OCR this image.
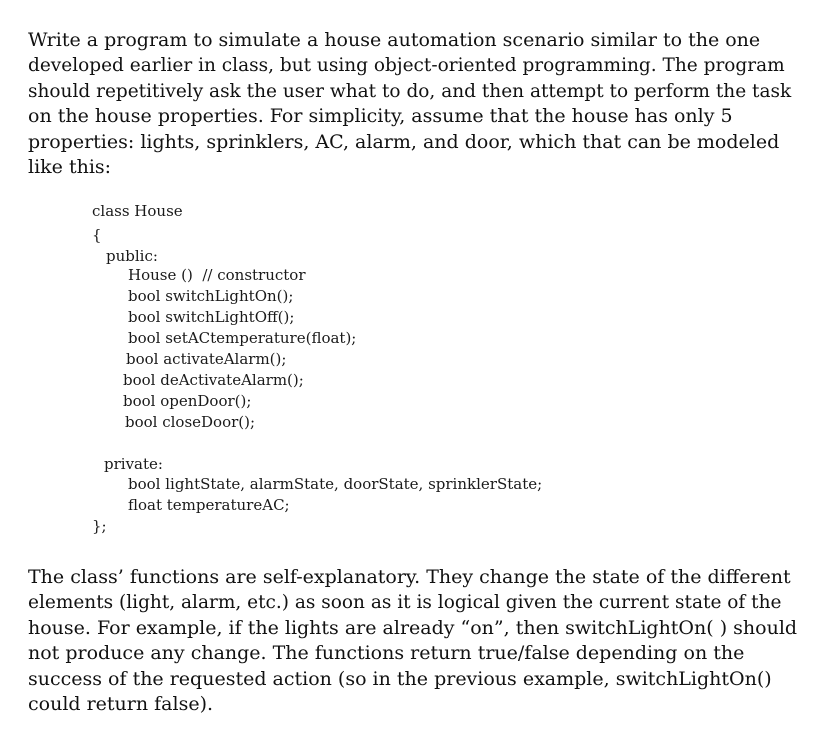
Write a program to simulate a house automation scenario similar to the one
developed earlier in class, but using object-oriented programming. The program
should repetitively ask the user what to do, and then attempt to perform the task
on the house properties. For simplicity, assume that the house has only 5
properties: lights, sprinklers, AC, alarm, and door, which that can be modeled
like this:
class House
{
public:
House ()  // constructor
bool switchLightOn();
bool switchLightOff();
bool setACtemperature(float);
bool activateAlarm();
bool deActivateAlarm();
bool openDoor();
bool closeDoor();
private:
bool lightState, alarmState, doorState, sprinklerState;
float temperatureAC;
};
The class’ functions are self-explanatory. They change the state of the different
elements (light, alarm, etc.) as soon as it is logical given the current state of the
house. For example, if the lights are already “on”, then switchLightOn( ) should
not produce any change. The functions return true/false depending on the
success of the requested action (so in the previous example, switchLightOn()
could return false).
